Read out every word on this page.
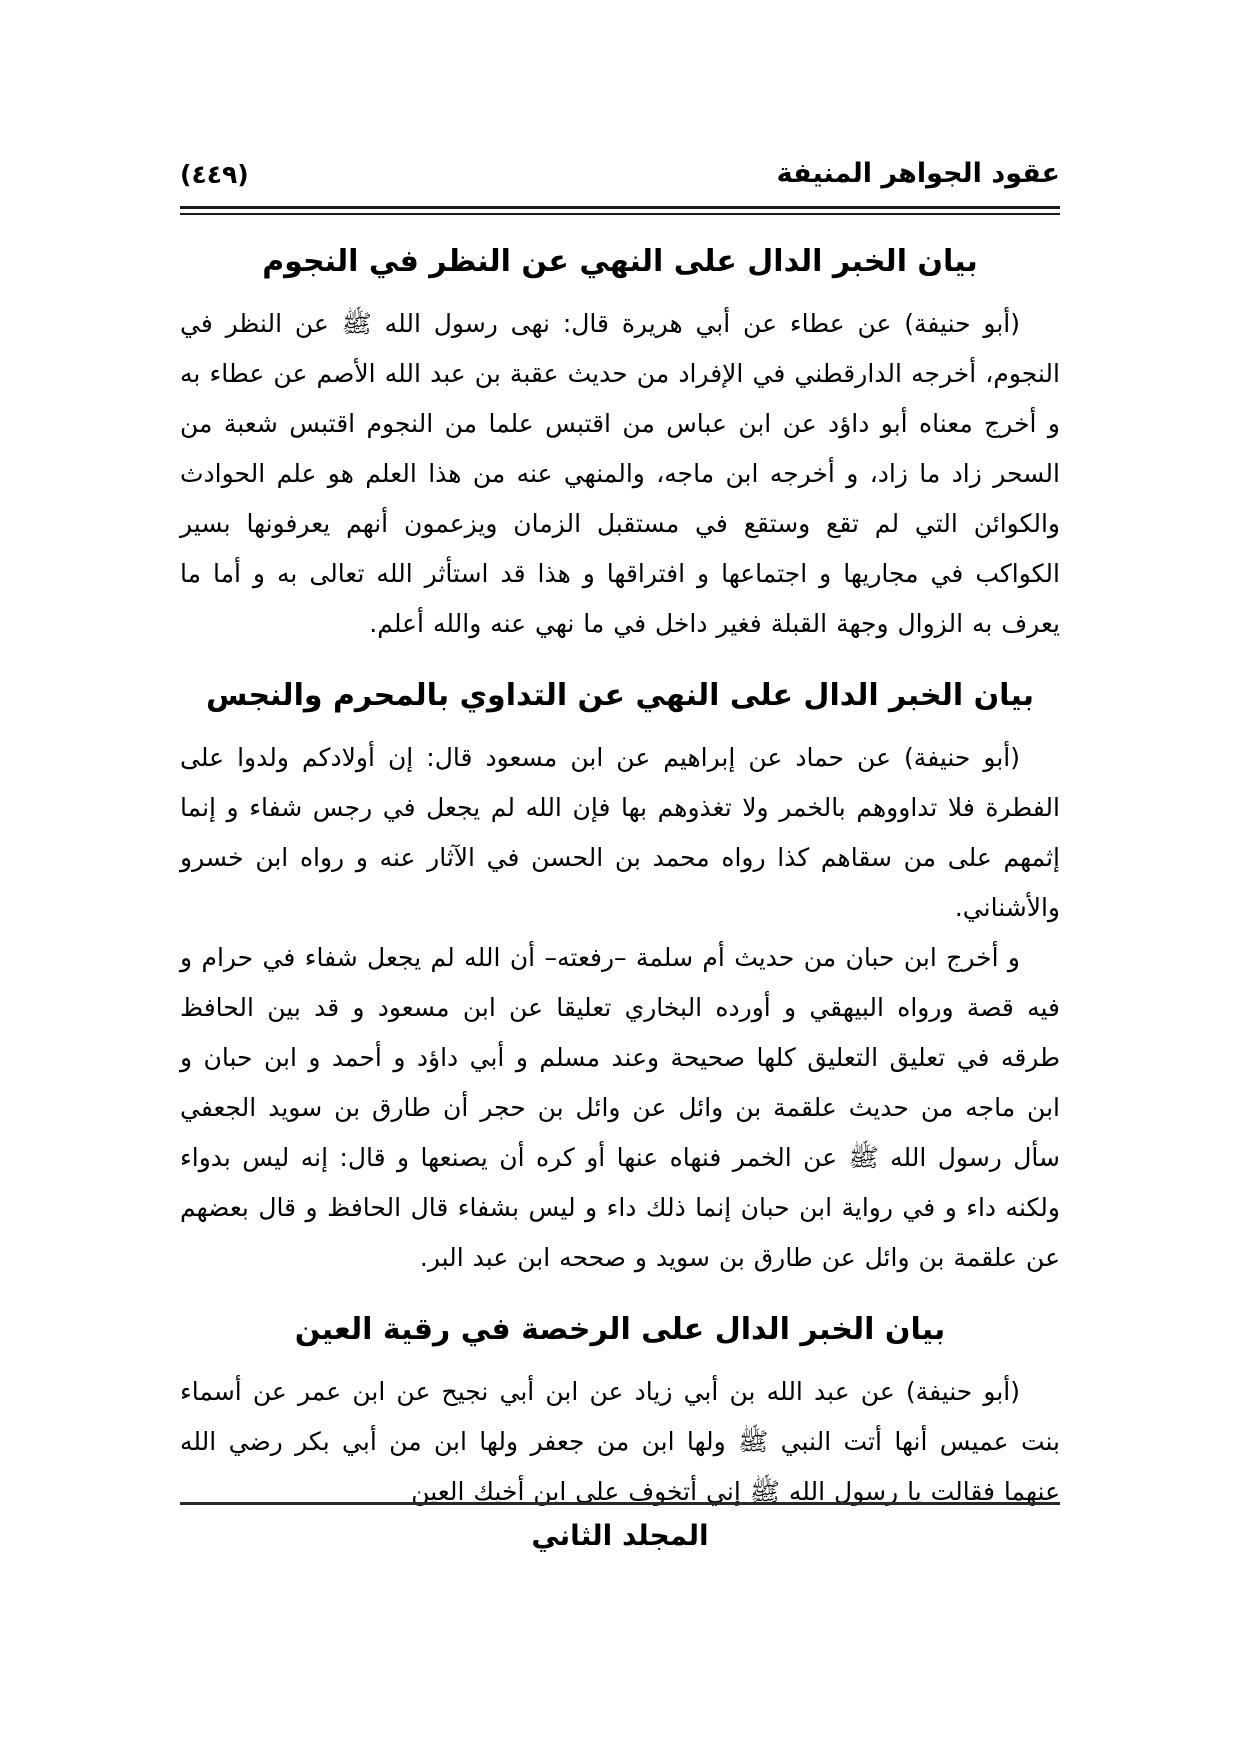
عقود الجواهر المنيفة
(٤٤٩)
بيان الخبر الدال على النهي عن النظر في النجوم

(أبو حنيفة) عن عطاء عن أبي هريرة قال: نهى رسول الله ﷺ عن النظر في النجوم، أخرجه الدارقطني في الإفراد من حديث عقبة بن عبد الله الأصم عن عطاء به و أخرج معناه أبو داؤد عن ابن عباس من اقتبس علما من النجوم اقتبس شعبة من السحر زاد ما زاد، و أخرجه ابن ماجه، والمنهي عنه من هذا العلم هو علم الحوادث والكوائن التي لم تقع وستقع في مستقبل الزمان ويزعمون أنهم يعرفونها بسير الكواكب في مجاريها و اجتماعها و افتراقها و هذا قد استأثر الله تعالى به و أما ما يعرف به الزوال وجهة القبلة فغير داخل في ما نهي عنه والله أعلم.

بيان الخبر الدال على النهي عن التداوي بالمحرم والنجس

(أبو حنيفة) عن حماد عن إبراهيم عن ابن مسعود قال: إن أولادكم ولدوا على الفطرة فلا تداووهم بالخمر ولا تغذوهم بها فإن الله لم يجعل في رجس شفاء و إنما إثمهم على من سقاهم كذا رواه محمد بن الحسن في الآثار عنه و رواه ابن خسرو والأشناني.

و أخرج ابن حبان من حديث أم سلمة –رفعته– أن الله لم يجعل شفاء في حرام و فيه قصة ورواه البيهقي و أورده البخاري تعليقا عن ابن مسعود و قد بين الحافظ طرقه في تعليق التعليق كلها صحيحة وعند مسلم و أبي داؤد و أحمد و ابن حبان و ابن ماجه من حديث علقمة بن وائل عن وائل بن حجر أن طارق بن سويد الجعفي سأل رسول الله ﷺ عن الخمر فنهاه عنها أو كره أن يصنعها و قال: إنه ليس بدواء ولكنه داء و في رواية ابن حبان إنما ذلك داء و ليس بشفاء قال الحافظ و قال بعضهم عن علقمة بن وائل عن طارق بن سويد و صححه ابن عبد البر.

بيان الخبر الدال على الرخصة في رقية العين

(أبو حنيفة) عن عبد الله بن أبي زياد عن ابن أبي نجيح عن ابن عمر عن أسماء بنت عميس أنها أتت النبي ﷺ ولها ابن من جعفر ولها ابن من أبي بكر رضي الله عنهما فقالت يا رسول الله ﷺ إني أتخوف على ابن أخيك العين

المجلد الثاني
